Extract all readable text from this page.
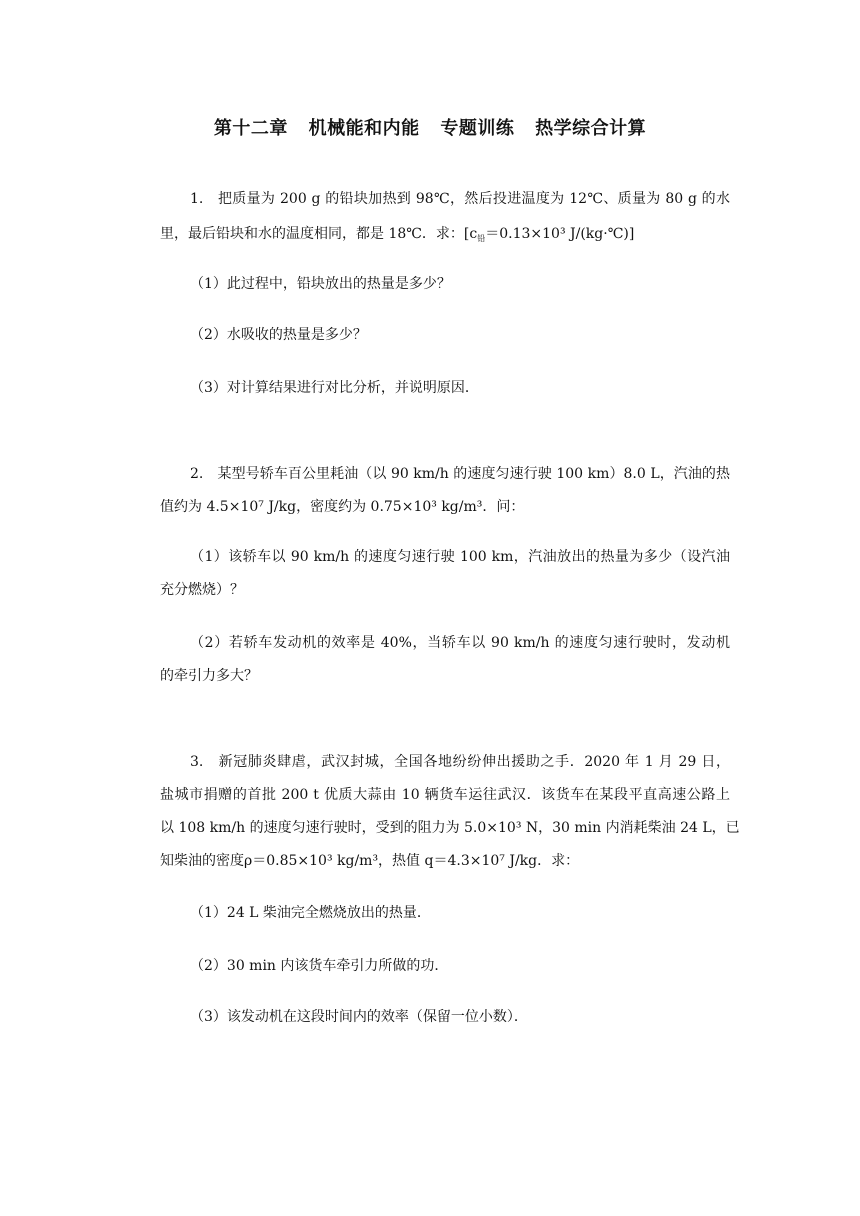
第十二章 机械能和内能 专题训练 热学综合计算
1.　把质量为 200 g 的铅块加热到 98℃，然后投进温度为 12℃、质量为 80 g 的水
里，最后铅块和水的温度相同，都是 18℃．求：[$c_铅=0.13\times 10^3$ J/(kg·℃)]
（1）此过程中，铅块放出的热量是多少？
（2）水吸收的热量是多少？
（3）对计算结果进行对比分析，并说明原因．
2.　某型号轿车百公里耗油（以 90 km/h 的速度匀速行驶 100 km）8.0 L，汽油的热
值约为 4.5×10⁷ J/kg，密度约为 0.75×10³ kg/m³．问：
（1）该轿车以 90 km/h 的速度匀速行驶 100 km，汽油放出的热量为多少（设汽油
充分燃烧）？
（2）若轿车发动机的效率是 40%，当轿车以 90 km/h 的速度匀速行驶时，发动机
的牵引力多大？
3.　新冠肺炎肆虐，武汉封城，全国各地纷纷伸出援助之手．2020 年 1 月 29 日，
盐城市捐赠的首批 200 t 优质大蒜由 10 辆货车运往武汉．该货车在某段平直高速公路上
以 108 km/h 的速度匀速行驶时，受到的阻力为 5.0×10³ N，30 min 内消耗柴油 24 L，已
知柴油的密度ρ＝0.85×10³ kg/m³，热值 q＝4.3×10⁷ J/kg．求：
（1）24 L 柴油完全燃烧放出的热量．
（2）30 min 内该货车牵引力所做的功．
（3）该发动机在这段时间内的效率（保留一位小数）．
